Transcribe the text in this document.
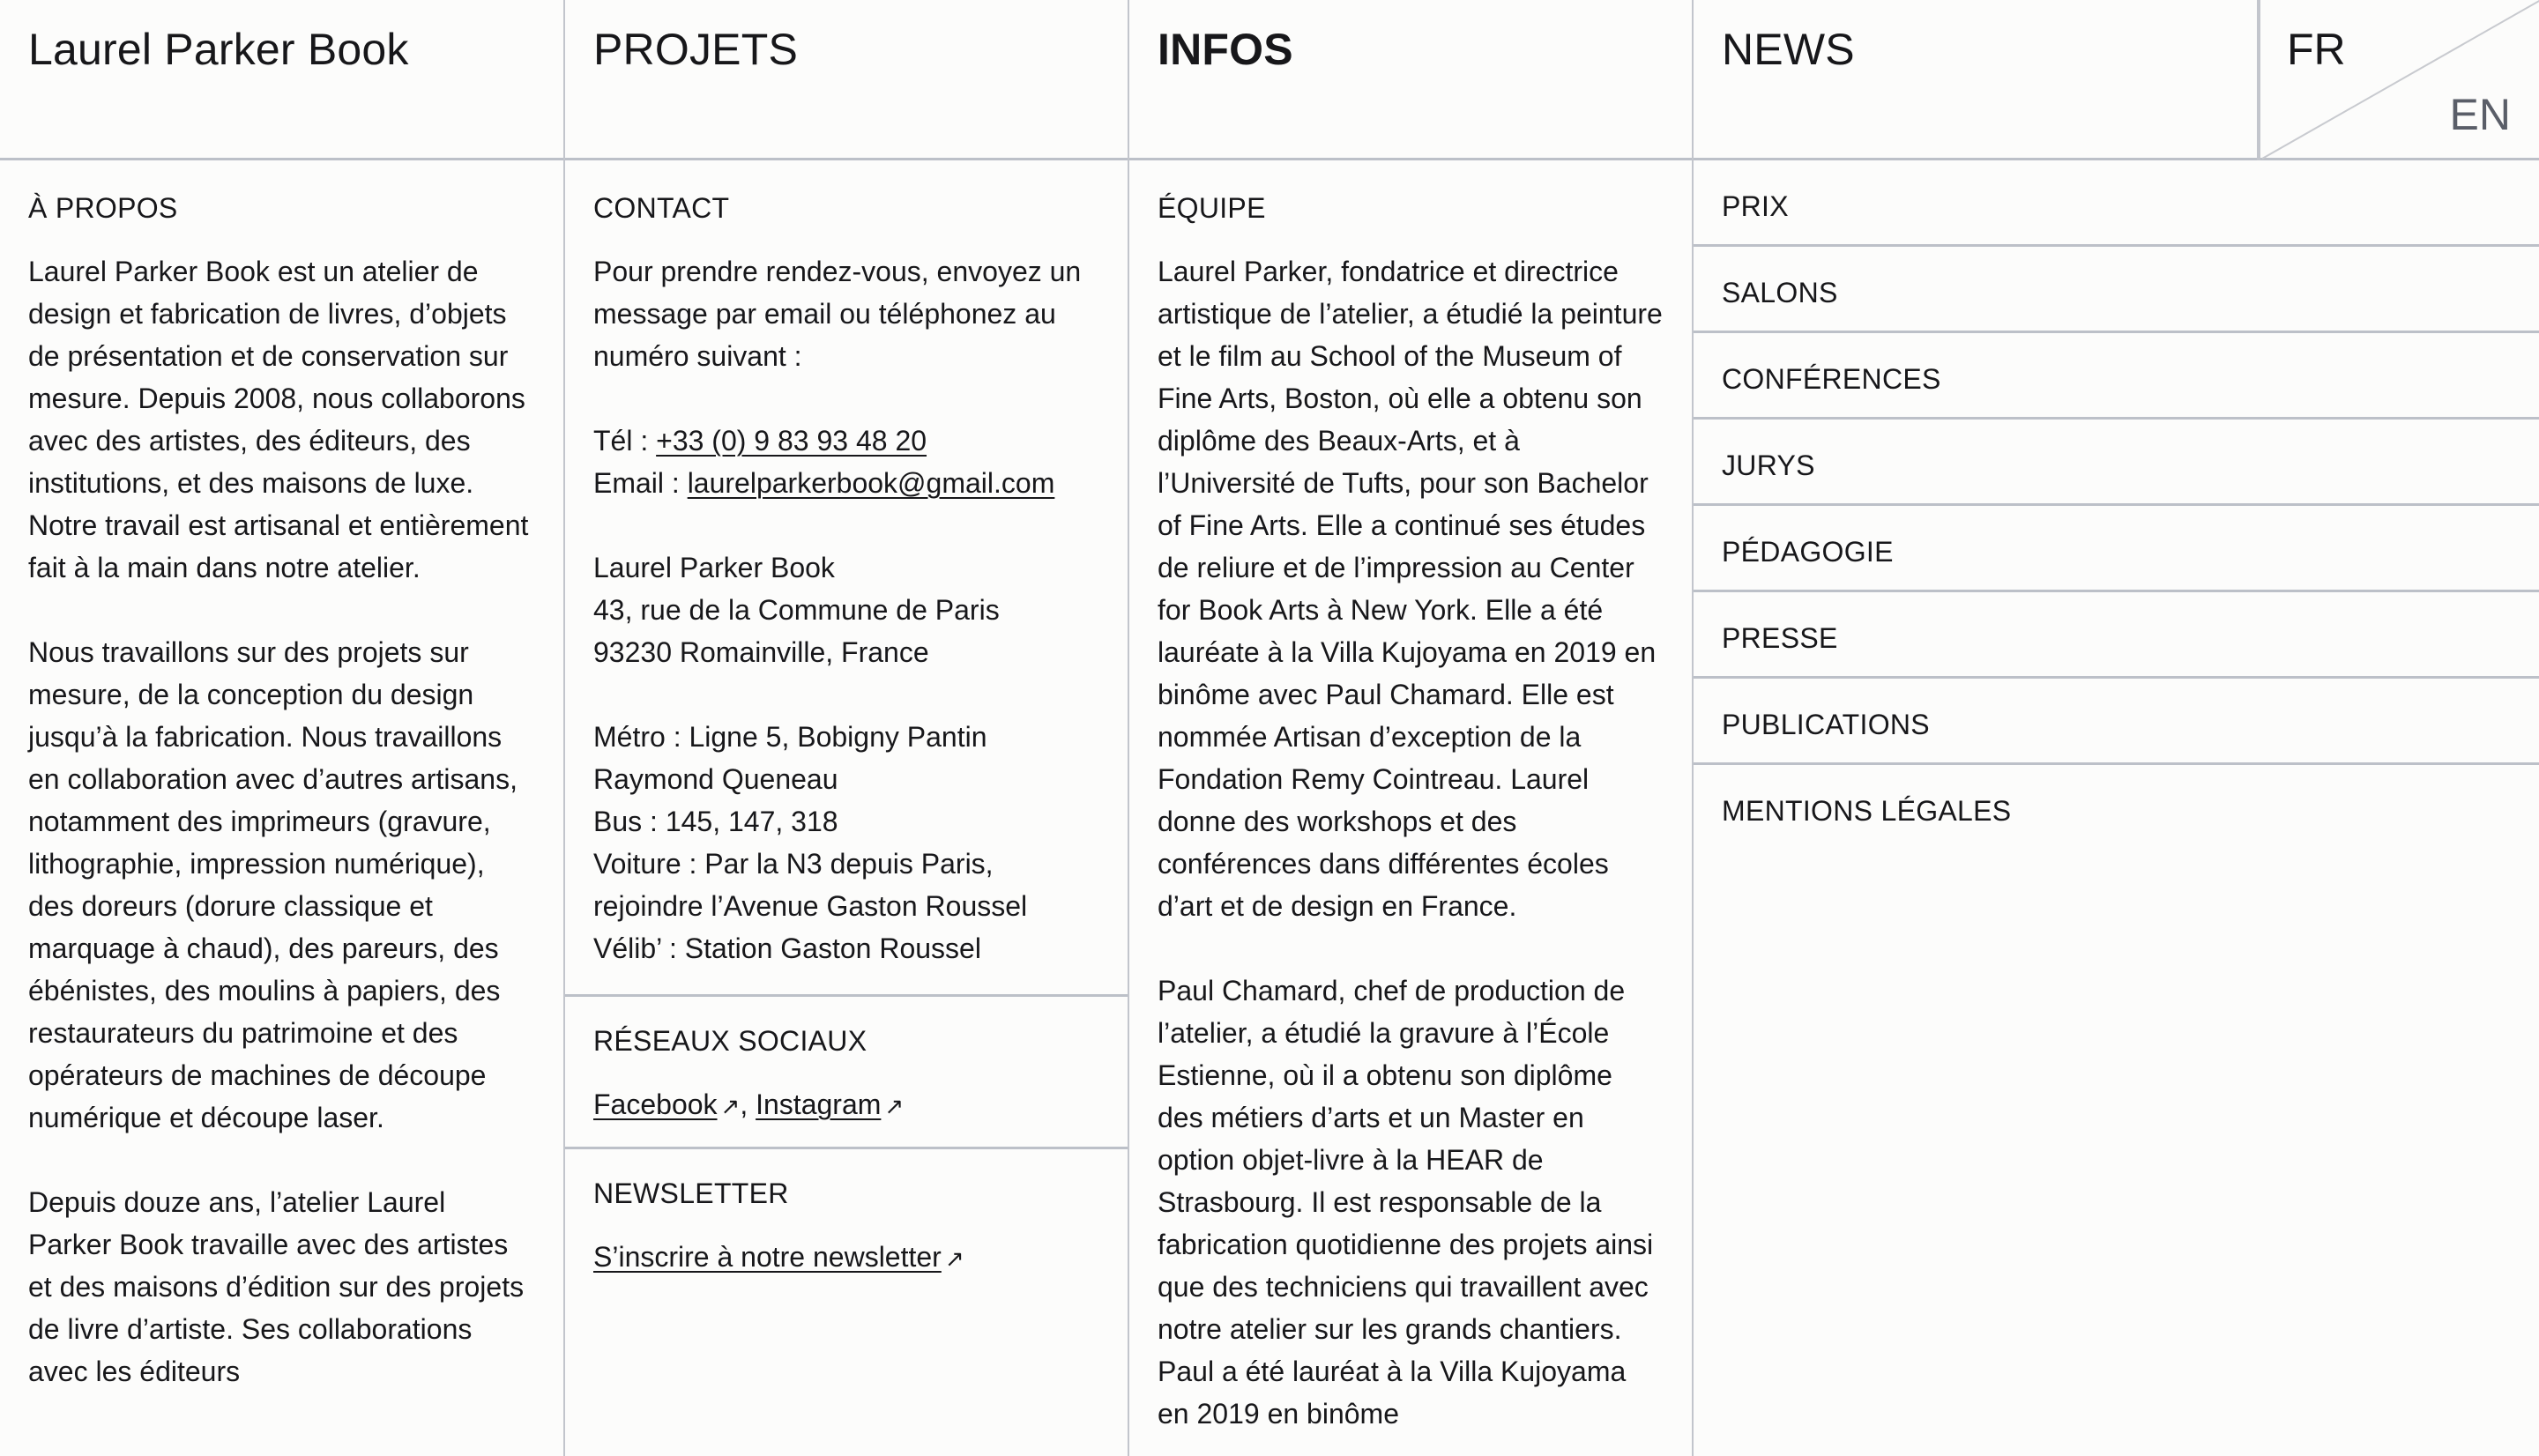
Laurel Parker Book	PROJETS	INFOS	NEWS	FR
EN
À PROPOS

Laurel Parker Book est un atelier de design et fabrication de livres, d’objets de présentation et de conservation sur mesure. Depuis 2008, nous collaborons avec des artistes, des éditeurs, des institutions, et des maisons de luxe. Notre travail est artisanal et entièrement fait à la main dans notre atelier.

Nous travaillons sur des projets sur mesure, de la conception du design jusqu’à la fabrication. Nous travaillons en collaboration avec d’autres artisans, notamment des imprimeurs (gravure, lithographie, impression numérique), des doreurs (dorure classique et marquage à chaud), des pareurs, des ébénistes, des moulins à papiers, des restaurateurs du patrimoine et des opérateurs de machines de découpe numérique et découpe laser.

Depuis douze ans, l’atelier Laurel Parker Book travaille avec des artistes et des maisons d’édition sur des projets de livre d’artiste. Ses collaborations avec les éditeurs

CONTACT

Pour prendre rendez-vous, envoyez un message par email ou téléphonez au numéro suivant :

Tél : +33 (0) 9 83 93 48 20
Email : laurelparkerbook@gmail.com
Laurel Parker Book
43, rue de la Commune de Paris
93230 Romainville, France
Métro : Ligne 5, Bobigny Pantin Raymond Queneau
Bus : 145, 147, 318
Voiture : Par la N3 depuis Paris, rejoindre l’Avenue Gaston Roussel
Vélib’ : Station Gaston Roussel
RÉSEAUX SOCIAUX

Facebook ↗, Instagram ↗

NEWSLETTER

S’inscrire à notre newsletter ↗

ÉQUIPE

Laurel Parker, fondatrice et directrice artistique de l’atelier, a étudié la peinture et le film au School of the Museum of Fine Arts, Boston, où elle a obtenu son diplôme des Beaux-Arts, et à l’Université de Tufts, pour son Bachelor of Fine Arts. Elle a continué ses études de reliure et de l’impression au Center for Book Arts à New York. Elle a été lauréate à la Villa Kujoyama en 2019 en binôme avec Paul Chamard. Elle est nommée Artisan d’exception de la Fondation Remy Cointreau. Laurel donne des workshops et des conférences dans différentes écoles d’art et de design en France.

Paul Chamard, chef de production de l’atelier, a étudié la gravure à l’École Estienne, où il a obtenu son diplôme des métiers d’arts et un Master en option objet-livre à la HEAR de Strasbourg. Il est responsable de la fabrication quotidienne des projets ainsi que des techniciens qui travaillent avec notre atelier sur les grands chantiers. Paul a été lauréat à la Villa Kujoyama en 2019 en binôme

PRIX
SALONS
CONFÉRENCES
JURYS
PÉDAGOGIE
PRESSE
PUBLICATIONS
MENTIONS LÉGALES
